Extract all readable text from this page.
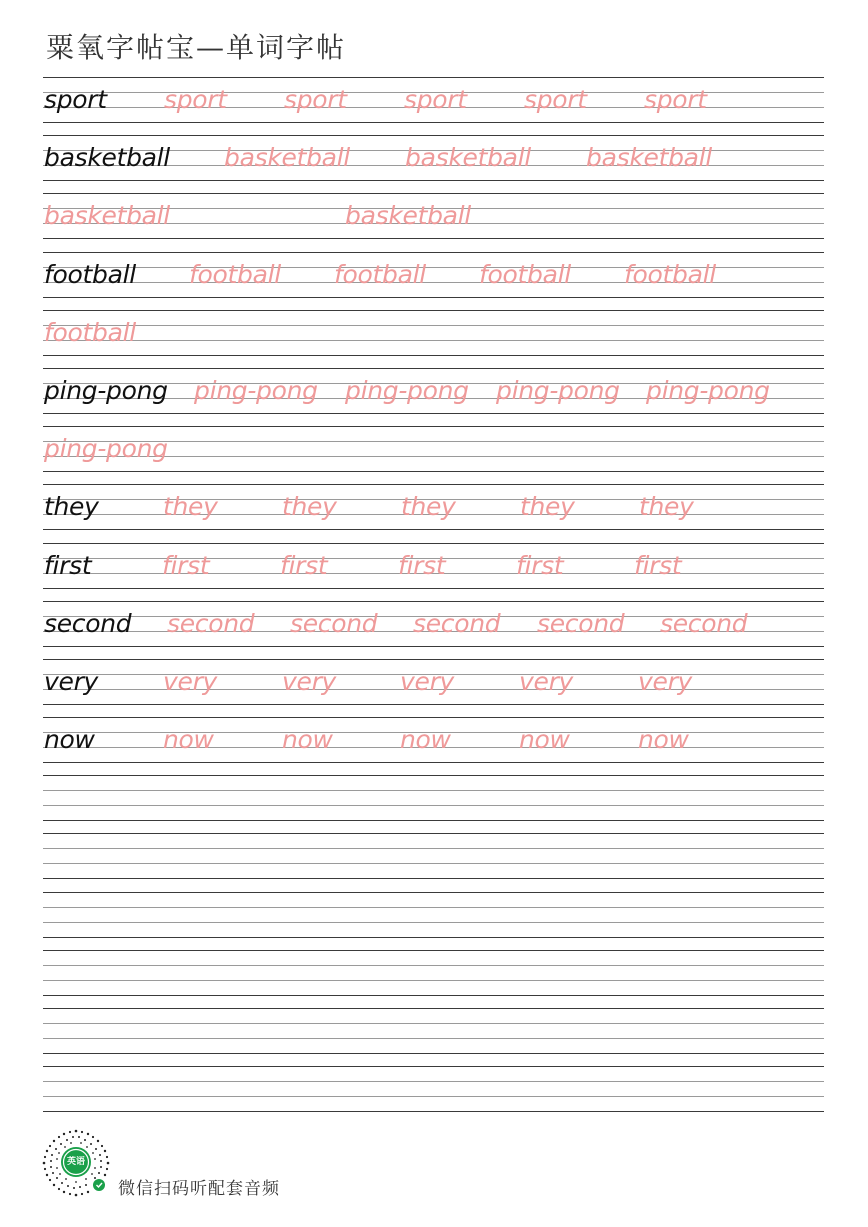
粟氧字帖宝—单词字帖
sport sport sport sport sport sport
basketball basketball basketball basketball
basketball	basketball
football football football football football
football
ping-pong ping-pong ping-pong ping-pong ping-pong
ping-pong
they	they	they	they	they	they
first	first	first	first	first	first
second second second second second second
very	very	very	very	very	very
now	now	now	now	now	now
英语
微信扫码听配套音频
